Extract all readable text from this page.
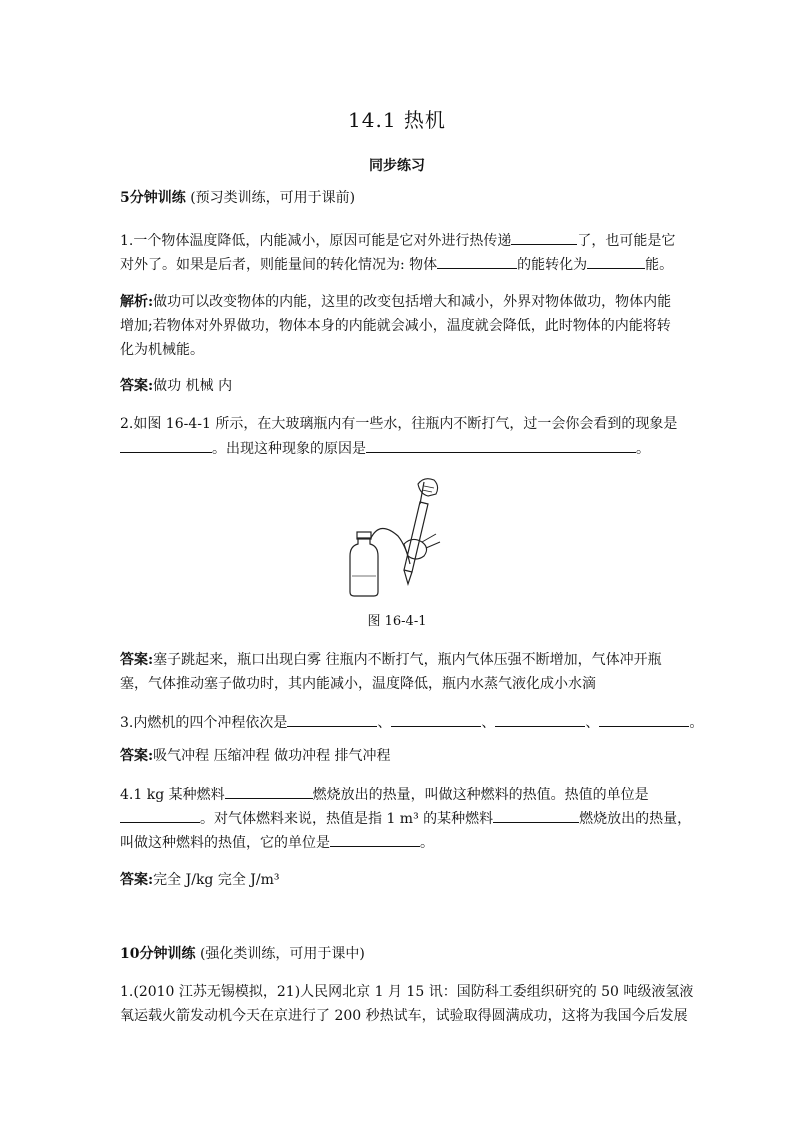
14.1 热机
同步练习
5分钟训练 (预习类训练，可用于课前)
1.一个物体温度降低，内能减小，原因可能是它对外进行热传递	了，也可能是它
对外了。如果是后者，则能量间的转化情况为: 物体	的能转化为	能。
解析:做功可以改变物体的内能，这里的改变包括增大和减小，外界对物体做功，物体内能
增加;若物体对外界做功，物体本身的内能就会减小，温度就会降低，此时物体的内能将转
化为机械能。
答案:做功 机械 内
2.如图 16-4-1 所示，在大玻璃瓶内有一些水，往瓶内不断打气，过一会你会看到的现象是
。出现这种现象的原因是	。
图 16-4-1
答案:塞子跳起来，瓶口出现白雾 往瓶内不断打气，瓶内气体压强不断增加，气体冲开瓶
塞，气体推动塞子做功时，其内能减小，温度降低，瓶内水蒸气液化成小水滴
3.内燃机的四个冲程依次是	、	、	、	。
答案:吸气冲程 压缩冲程 做功冲程 排气冲程
4.1 kg 某种燃料	燃烧放出的热量，叫做这种燃料的热值。热值的单位是
。对气体燃料来说，热值是指 1 m³ 的某种燃料	燃烧放出的热量，
叫做这种燃料的热值，它的单位是	。
答案:完全 J/kg 完全 J/m³
10分钟训练 (强化类训练，可用于课中)
1.(2010 江苏无锡模拟，21)人民网北京 1 月 15 讯：国防科工委组织研究的 50 吨级液氢液
氧运载火箭发动机今天在京进行了 200 秒热试车，试验取得圆满成功，这将为我国今后发展
